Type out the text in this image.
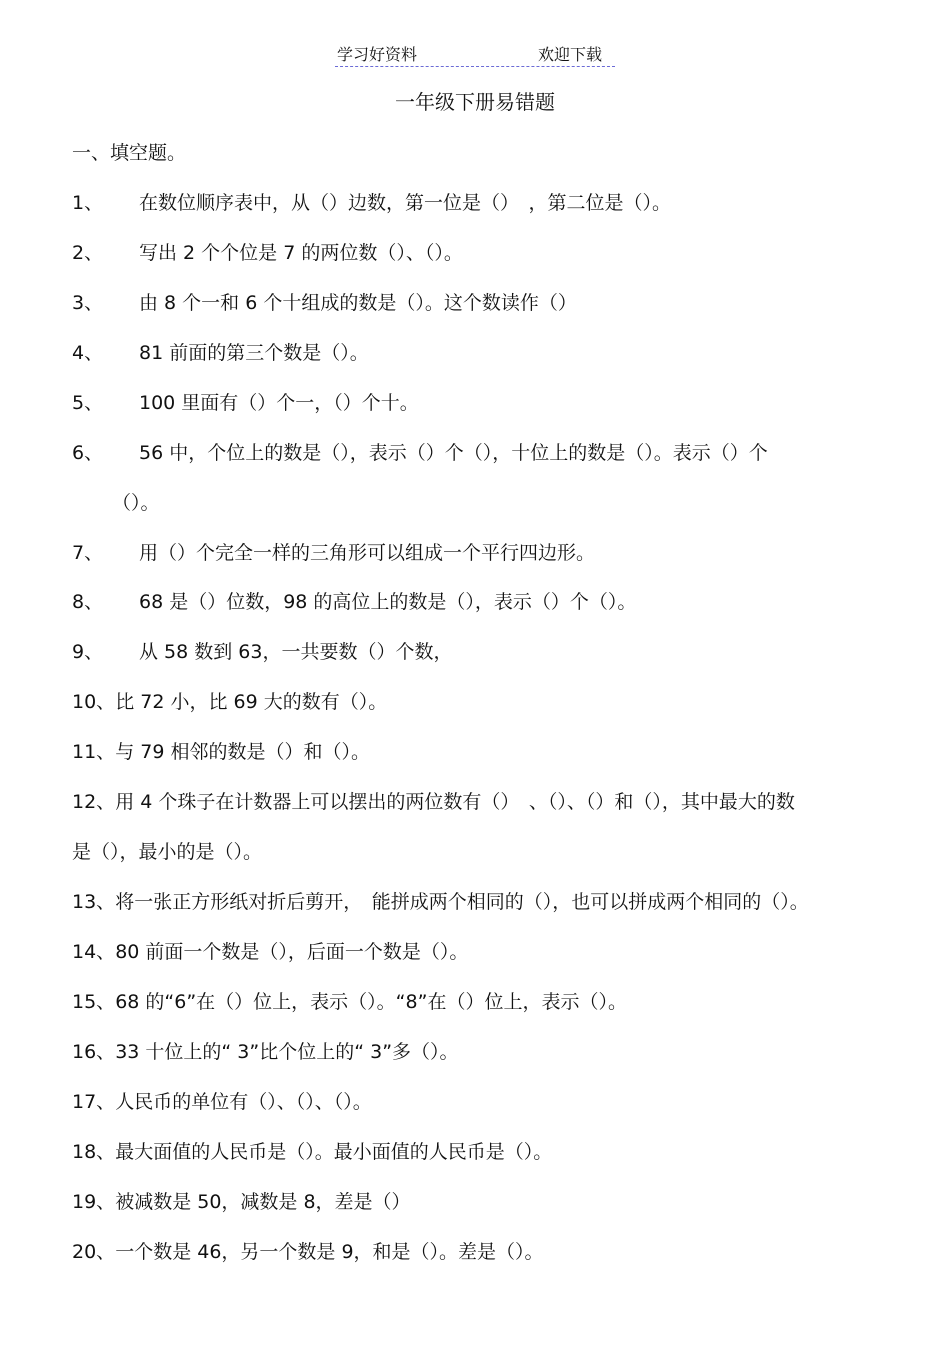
学习好资料	欢迎下载
一年级下册易错题
一、填空题。
1、 在数位顺序表中，从（）边数，第一位是（）　，第二位是（）。
2、 写出 2 个个位是 7 的两位数（）、（）。
3、 由 8 个一和 6 个十组成的数是（）。这个数读作（）
4、 81 前面的第三个数是（）。
5、 100 里面有（）个一，（）个十。
6、 56 中，个位上的数是（），表示（）个（），十位上的数是（）。表示（）个
（）。
7、 用（）个完全一样的三角形可以组成一个平行四边形。
8、 68 是（）位数，98 的高位上的数是（），表示（）个（）。
9、 从 58 数到 63，一共要数（）个数，
10、比 72 小，比 69 大的数有（）。
11、与 79 相邻的数是（）和（）。
12、用 4 个珠子在计数器上可以摆出的两位数有（）　、（）、（）和（），其中最大的数
是（），最小的是（）。
13、将一张正方形纸对折后剪开，　能拼成两个相同的（），也可以拼成两个相同的（）。
14、80 前面一个数是（），后面一个数是（）。
15、68 的“6”在（）位上，表示（）。“8”在（）位上，表示（）。
16、33 十位上的“ 3”比个位上的“ 3”多（）。
17、人民币的单位有（）、（）、（）。
18、最大面值的人民币是（）。最小面值的人民币是（）。
19、被减数是 50，减数是 8，差是（）
20、一个数是 46，另一个数是 9，和是（）。差是（）。
